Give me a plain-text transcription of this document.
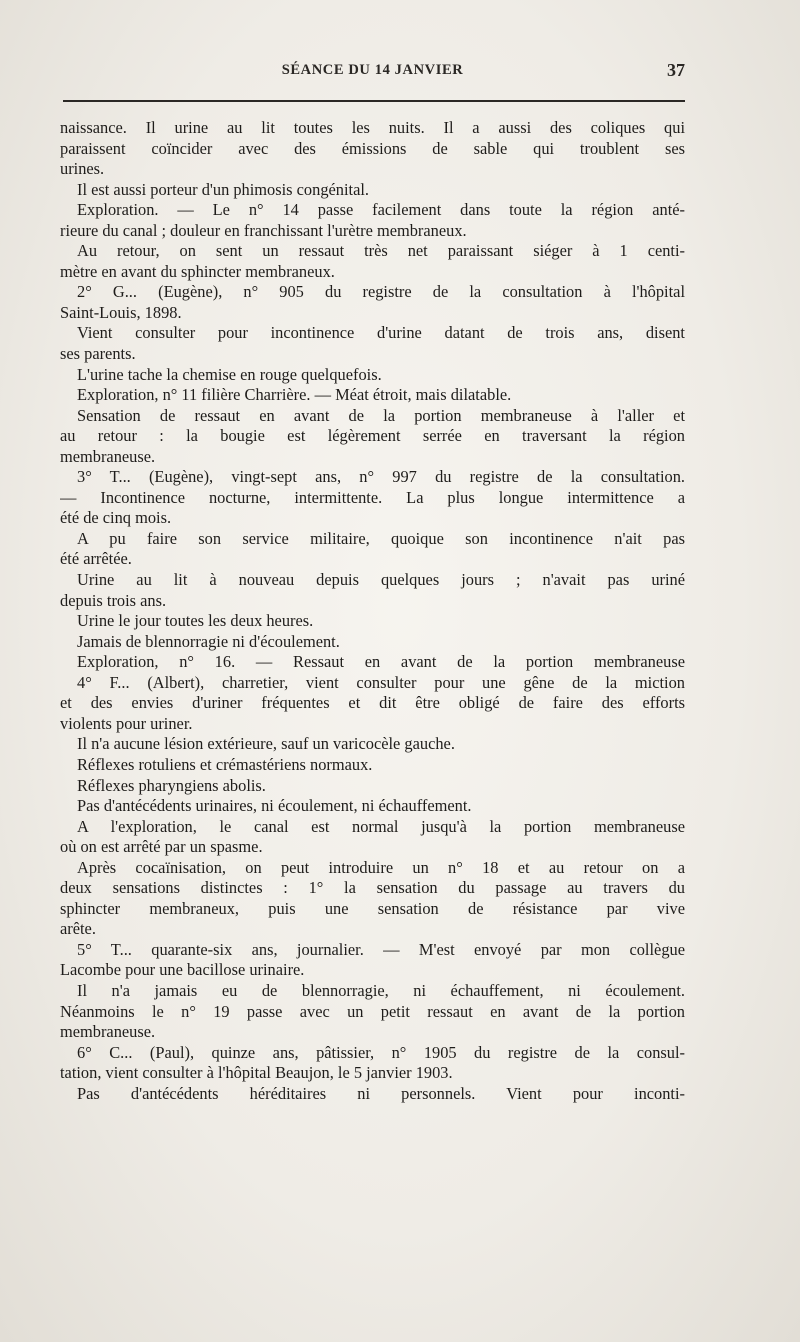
SÉANCE DU 14 JANVIER	37
naissance. Il urine au lit toutes les nuits. Il a aussi des coliques qui
paraissent coïncider avec des émissions de sable qui troublent ses
urines.
Il est aussi porteur d'un phimosis congénital.
Exploration. — Le n° 14 passe facilement dans toute la région anté-
rieure du canal ; douleur en franchissant l'urètre membraneux.
Au retour, on sent un ressaut très net paraissant siéger à 1 centi-
mètre en avant du sphincter membraneux.
2° G... (Eugène), n° 905 du registre de la consultation à l'hôpital
Saint-Louis, 1898.
Vient consulter pour incontinence d'urine datant de trois ans, disent
ses parents.
L'urine tache la chemise en rouge quelquefois.
Exploration, n° 11 filière Charrière. — Méat étroit, mais dilatable.
Sensation de ressaut en avant de la portion membraneuse à l'aller et
au retour : la bougie est légèrement serrée en traversant la région
membraneuse.
3° T... (Eugène), vingt-sept ans, n° 997 du registre de la consultation.
— Incontinence nocturne, intermittente. La plus longue intermittence a
été de cinq mois.
A pu faire son service militaire, quoique son incontinence n'ait pas
été arrêtée.
Urine au lit à nouveau depuis quelques jours ; n'avait pas uriné
depuis trois ans.
Urine le jour toutes les deux heures.
Jamais de blennorragie ni d'écoulement.
Exploration, n° 16. — Ressaut en avant de la portion membraneuse
4° F... (Albert), charretier, vient consulter pour une gêne de la miction
et des envies d'uriner fréquentes et dit être obligé de faire des efforts
violents pour uriner.
Il n'a aucune lésion extérieure, sauf un varicocèle gauche.
Réflexes rotuliens et crémastériens normaux.
Réflexes pharyngiens abolis.
Pas d'antécédents urinaires, ni écoulement, ni échauffement.
A l'exploration, le canal est normal jusqu'à la portion membraneuse
où on est arrêté par un spasme.
Après cocaïnisation, on peut introduire un n° 18 et au retour on a
deux sensations distinctes : 1° la sensation du passage au travers du
sphincter membraneux, puis une sensation de résistance par vive
arête.
5° T... quarante-six ans, journalier. — M'est envoyé par mon collègue
Lacombe pour une bacillose urinaire.
Il n'a jamais eu de blennorragie, ni échauffement, ni écoulement.
Néanmoins le n° 19 passe avec un petit ressaut en avant de la portion
membraneuse.
6° C... (Paul), quinze ans, pâtissier, n° 1905 du registre de la consul-
tation, vient consulter à l'hôpital Beaujon, le 5 janvier 1903.
Pas d'antécédents héréditaires ni personnels. Vient pour inconti-
